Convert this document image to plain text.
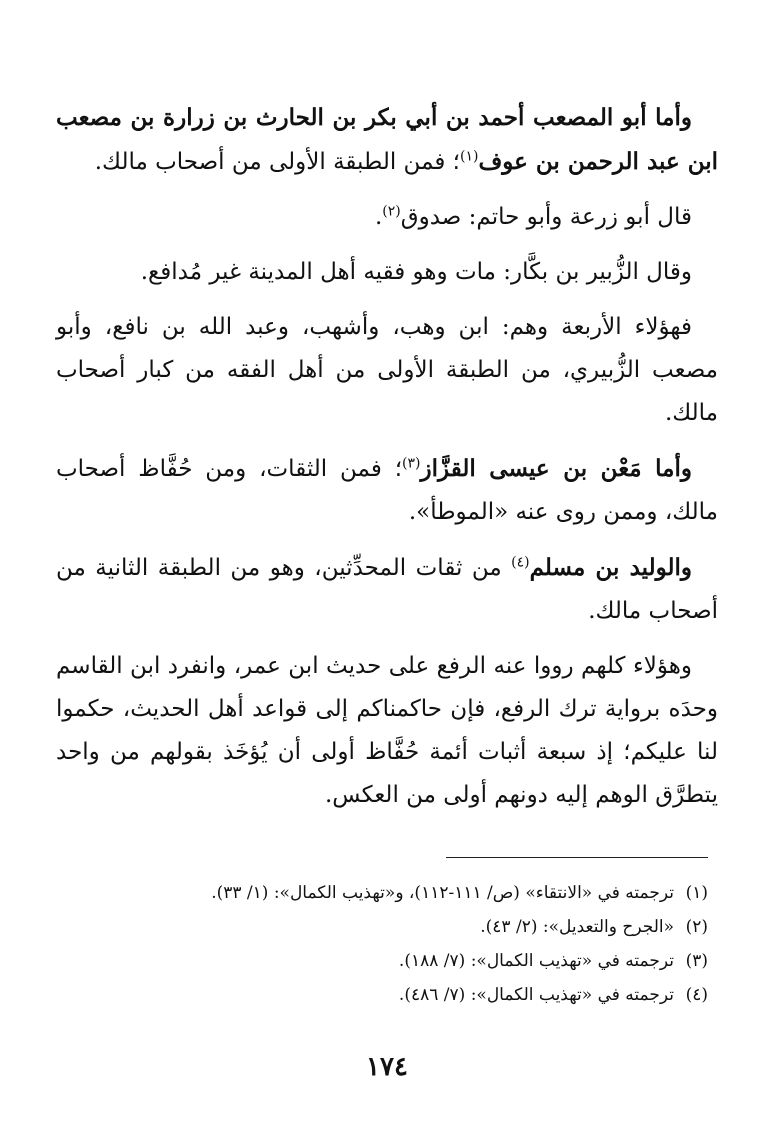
وأما أبو المصعب أحمد بن أبي بكر بن الحارث بن زرارة بن مصعب ابن عبد الرحمن بن عوف$^{(١)}$؛ فمن الطبقة الأولى من أصحاب مالك.

قال أبو زرعة وأبو حاتم: صدوق$^{(٢)}$.

وقال الزُّبير بن بكَّار: مات وهو فقيه أهل المدينة غير مُدافع.

فهؤلاء الأربعة وهم: ابن وهب، وأشهب، وعبد الله بن نافع، وأبو مصعب الزُّبيري، من الطبقة الأولى من أهل الفقه من كبار أصحاب مالك.

وأما مَعْن بن عيسى القزَّاز$^{(٣)}$؛ فمن الثقات، ومن حُفَّاظ أصحاب مالك، وممن روى عنه «الموطأ».

والوليد بن مسلم$^{(٤)}$ من ثقات المحدِّثين، وهو من الطبقة الثانية من أصحاب مالك.

وهؤلاء كلهم رووا عنه الرفع على حديث ابن عمر، وانفرد ابن القاسم وحدَه برواية ترك الرفع، فإن حاكمناكم إلى قواعد أهل الحديث، حكموا لنا عليكم؛ إذ سبعة أثبات أئمة حُفَّاظ أولى أن يُؤخَذ بقولهم من واحد يتطرَّق الوهم إليه دونهم أولى من العكس.

(١)
ترجمته في «الانتقاء» (ص/ ١١١-١١٢)، و«تهذيب الكمال»: (١/ ٣٣).
(٢)
«الجرح والتعديل»: (٢/ ٤٣).
(٣)
ترجمته في «تهذيب الكمال»: (٧/ ١٨٨).
(٤)
ترجمته في «تهذيب الكمال»: (٧/ ٤٨٦).
١٧٤
